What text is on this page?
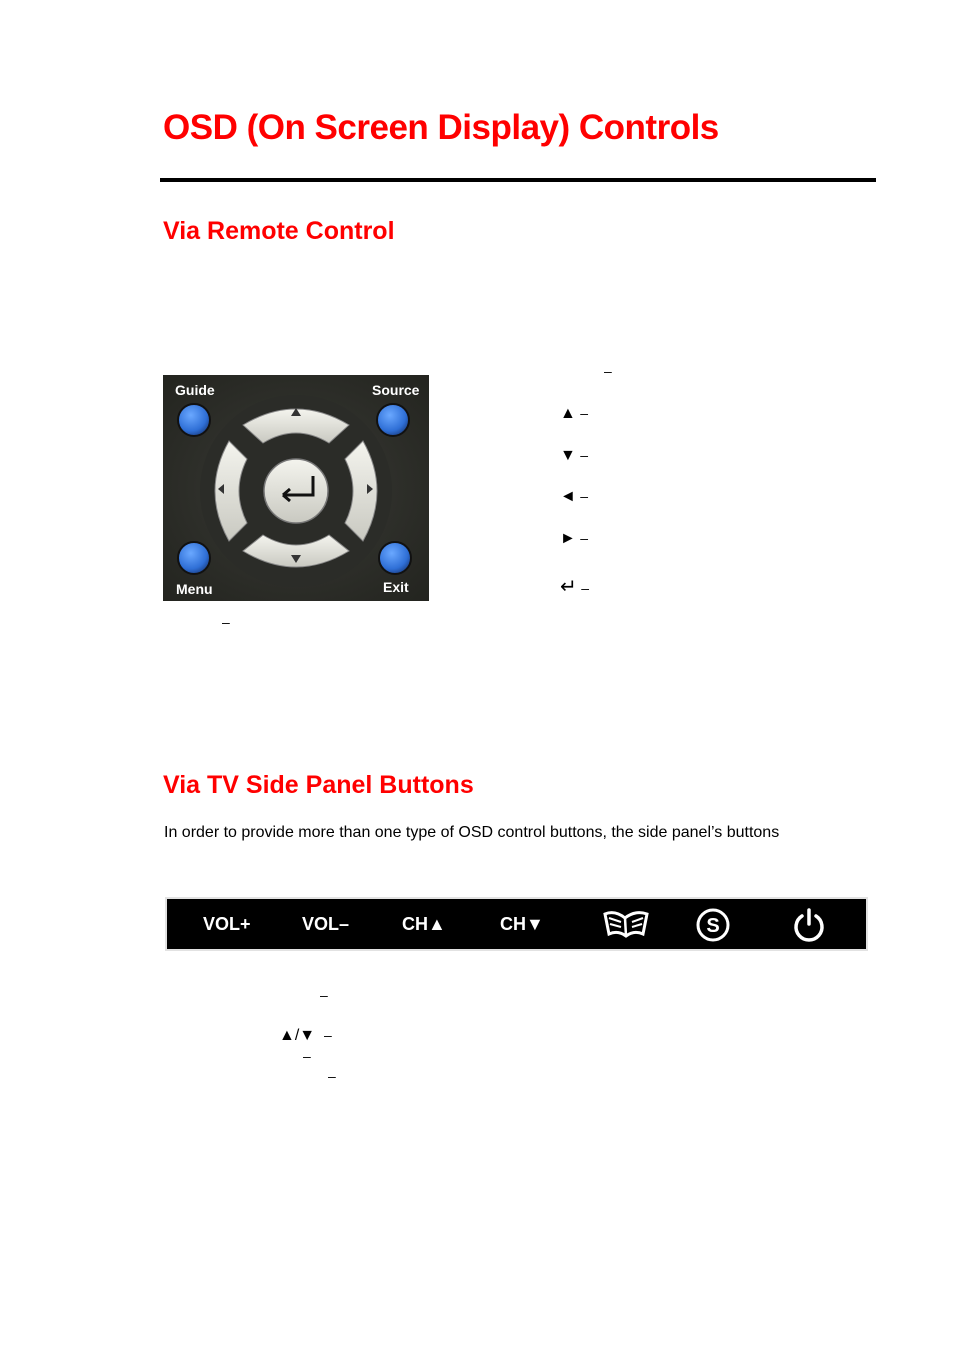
OSD (On Screen Display) Controls
Via Remote Control
Guide	Source
Menu	Exit
–
–
▲ –
▼ –
◄ –
► –
↵ –
Via TV Side Panel Buttons
In order to provide more than one type of OSD control buttons, the side panel’s buttons
VOL+	VOL–	CH▲	CH▼	S
–
▲/▼ –
–
–
